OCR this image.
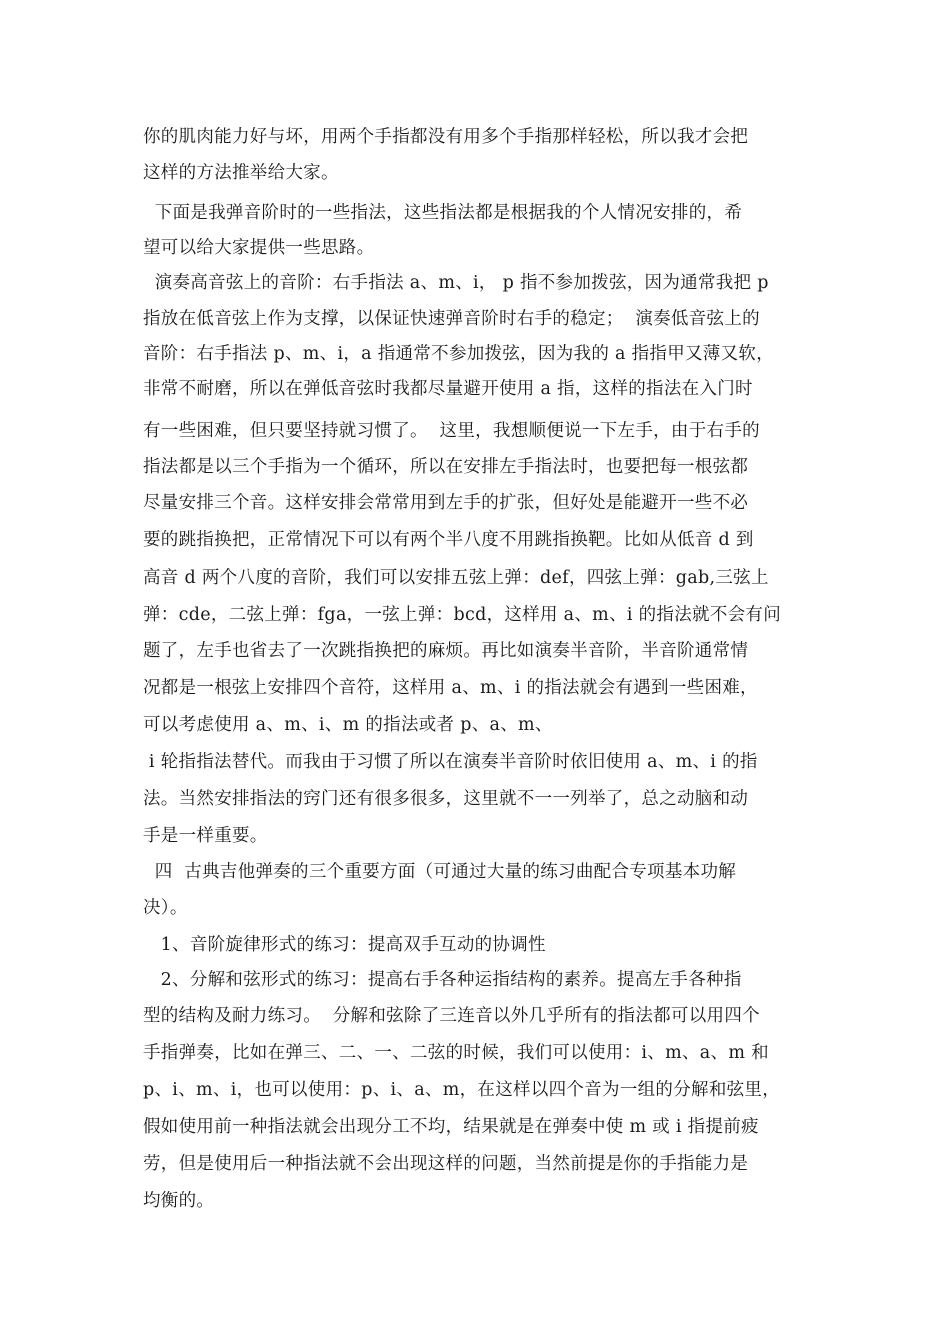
你的肌肉能力好与坏，用两个手指都没有用多个手指那样轻松，所以我才会把
这样的方法推举给大家。
下面是我弹音阶时的一些指法，这些指法都是根据我的个人情况安排的，希
望可以给大家提供一些思路。
演奏高音弦上的音阶：右手指法 a、m、i， p 指不参加拨弦，因为通常我把 p
指放在低音弦上作为支撑，以保证快速弹音阶时右手的稳定；  演奏低音弦上的
音阶：右手指法 p、m、i，a 指通常不参加拨弦，因为我的 a 指指甲又薄又软，
非常不耐磨，所以在弹低音弦时我都尽量避开使用 a 指，这样的指法在入门时
有一些困难，但只要坚持就习惯了。  这里，我想顺便说一下左手，由于右手的
指法都是以三个手指为一个循环，所以在安排左手指法时，也要把每一根弦都
尽量安排三个音。这样安排会常常用到左手的扩张，但好处是能避开一些不必
要的跳指换把，正常情况下可以有两个半八度不用跳指换靶。比如从低音 d 到
高音 d 两个八度的音阶，我们可以安排五弦上弹：def，四弦上弹：gab,三弦上
弹：cde，二弦上弹：fga，一弦上弹：bcd，这样用 a、m、i 的指法就不会有问
题了，左手也省去了一次跳指换把的麻烦。再比如演奏半音阶，半音阶通常情
况都是一根弦上安排四个音符，这样用 a、m、i 的指法就会有遇到一些困难，
可以考虑使用 a、m、i、m 的指法或者 p、a、m、
i 轮指指法替代。而我由于习惯了所以在演奏半音阶时依旧使用 a、m、i 的指
法。当然安排指法的窍门还有很多很多，这里就不一一列举了，总之动脑和动
手是一样重要。
四  古典吉他弹奏的三个重要方面（可通过大量的练习曲配合专项基本功解
决）。
1、音阶旋律形式的练习：提高双手互动的协调性
2、分解和弦形式的练习：提高右手各种运指结构的素养。提高左手各种指
型的结构及耐力练习。  分解和弦除了三连音以外几乎所有的指法都可以用四个
手指弹奏，比如在弹三、二、一、二弦的时候，我们可以使用：i、m、a、m 和
p、i、m、i，也可以使用：p、i、a、m，在这样以四个音为一组的分解和弦里，
假如使用前一种指法就会出现分工不均，结果就是在弹奏中使 m 或 i 指提前疲
劳，但是使用后一种指法就不会出现这样的问题，当然前提是你的手指能力是
均衡的。
